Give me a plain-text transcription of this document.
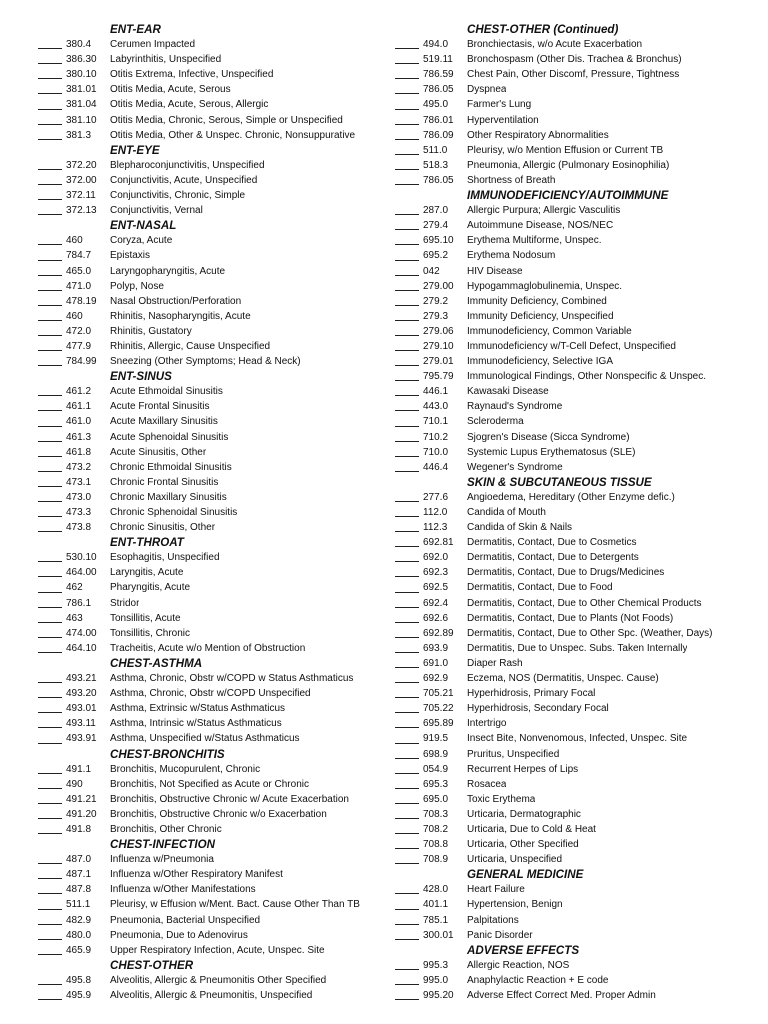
ENT-EAR
380.4	Cerumen Impacted
386.30	Labyrinthitis, Unspecified
380.10	Otitis Extrema, Infective, Unspecified
381.01	Otitis Media, Acute, Serous
381.04	Otitis Media, Acute, Serous, Allergic
381.10	Otitis Media, Chronic, Serous, Simple or Unspecified
381.3	Otitis Media, Other & Unspec. Chronic, Nonsuppurative
ENT-EYE
372.20	Blepharoconjunctivitis, Unspecified
372.00	Conjunctivitis, Acute, Unspecified
372.11	Conjunctivitis, Chronic, Simple
372.13	Conjunctivitis, Vernal
ENT-NASAL
460	Coryza, Acute
784.7	Epistaxis
465.0	Laryngopharyngitis, Acute
471.0	Polyp, Nose
478.19	Nasal Obstruction/Perforation
460	Rhinitis, Nasopharyngitis, Acute
472.0	Rhinitis, Gustatory
477.9	Rhinitis, Allergic, Cause Unspecified
784.99	Sneezing (Other Symptoms; Head & Neck)
ENT-SINUS
461.2	Acute Ethmoidal Sinusitis
461.1	Acute Frontal Sinusitis
461.0	Acute Maxillary Sinusitis
461.3	Acute Sphenoidal Sinusitis
461.8	Acute Sinusitis, Other
473.2	Chronic Ethmoidal Sinusitis
473.1	Chronic Frontal Sinusitis
473.0	Chronic Maxillary Sinusitis
473.3	Chronic Sphenoidal Sinusitis
473.8	Chronic Sinusitis, Other
ENT-THROAT
530.10	Esophagitis, Unspecified
464.00	Laryngitis, Acute
462	Pharyngitis, Acute
786.1	Stridor
463	Tonsillitis, Acute
474.00	Tonsillitis, Chronic
464.10	Tracheitis, Acute w/o Mention of Obstruction
CHEST-ASTHMA
493.21	Asthma, Chronic, Obstr w/COPD w Status Asthmaticus
493.20	Asthma, Chronic, Obstr w/COPD Unspecified
493.01	Asthma, Extrinsic w/Status Asthmaticus
493.11	Asthma, Intrinsic w/Status Asthmaticus
493.91	Asthma, Unspecified w/Status Asthmaticus
CHEST-BRONCHITIS
491.1	Bronchitis, Mucopurulent, Chronic
490	Bronchitis, Not Specified as Acute or Chronic
491.21	Bronchitis, Obstructive Chronic w/ Acute Exacerbation
491.20	Bronchitis, Obstructive Chronic w/o Exacerbation
491.8	Bronchitis, Other Chronic
CHEST-INFECTION
487.0	Influenza w/Pneumonia
487.1	Influenza w/Other Respiratory Manifest
487.8	Influenza w/Other Manifestations
511.1	Pleurisy, w Effusion w/Ment. Bact. Cause Other Than TB
482.9	Pneumonia, Bacterial Unspecified
480.0	Pneumonia, Due to Adenovirus
465.9	Upper Respiratory Infection, Acute, Unspec. Site
CHEST-OTHER
495.8	Alveolitis, Allergic & Pneumonitis Other Specified
495.9	Alveolitis, Allergic & Pneumonitis, Unspecified
CHEST-OTHER (Continued)
494.0	Bronchiectasis, w/o Acute Exacerbation
519.11	Bronchospasm (Other Dis. Trachea & Bronchus)
786.59	Chest Pain, Other Discomf, Pressure, Tightness
786.05	Dyspnea
495.0	Farmer's Lung
786.01	Hyperventilation
786.09	Other Respiratory Abnormalities
511.0	Pleurisy, w/o Mention Effusion or Current TB
518.3	Pneumonia, Allergic (Pulmonary Eosinophilia)
786.05	Shortness of Breath
IMMUNODEFICIENCY/AUTOIMMUNE
287.0	Allergic Purpura; Allergic Vasculitis
279.4	Autoimmune Disease, NOS/NEC
695.10	Erythema Multiforme, Unspec.
695.2	Erythema Nodosum
042	HIV Disease
279.00	Hypogammaglobulinemia, Unspec.
279.2	Immunity Deficiency, Combined
279.3	Immunity Deficiency, Unspecified
279.06	Immunodeficiency, Common Variable
279.10	Immunodeficiency w/T-Cell Defect, Unspecified
279.01	Immunodeficiency, Selective IGA
795.79	Immunological Findings, Other Nonspecific & Unspec.
446.1	Kawasaki Disease
443.0	Raynaud's Syndrome
710.1	Scleroderma
710.2	Sjogren's Disease (Sicca Syndrome)
710.0	Systemic Lupus Erythematosus (SLE)
446.4	Wegener's Syndrome
SKIN & SUBCUTANEOUS TISSUE
277.6	Angioedema, Hereditary (Other Enzyme defic.)
112.0	Candida of Mouth
112.3	Candida of Skin & Nails
692.81	Dermatitis, Contact, Due to Cosmetics
692.0	Dermatitis, Contact, Due to Detergents
692.3	Dermatitis, Contact, Due to Drugs/Medicines
692.5	Dermatitis, Contact, Due to Food
692.4	Dermatitis, Contact, Due to Other Chemical Products
692.6	Dermatitis, Contact, Due to Plants (Not Foods)
692.89	Dermatitis, Contact, Due to Other Spc. (Weather, Days)
693.9	Dermatitis, Due to Unspec. Subs. Taken Internally
691.0	Diaper Rash
692.9	Eczema, NOS (Dermatitis, Unspec. Cause)
705.21	Hyperhidrosis, Primary Focal
705.22	Hyperhidrosis, Secondary Focal
695.89	Intertrigo
919.5	Insect Bite, Nonvenomous, Infected, Unspec. Site
698.9	Pruritus, Unspecified
054.9	Recurrent Herpes of Lips
695.3	Rosacea
695.0	Toxic Erythema
708.3	Urticaria, Dermatographic
708.2	Urticaria, Due to Cold & Heat
708.8	Urticaria, Other Specified
708.9	Urticaria, Unspecified
GENERAL MEDICINE
428.0	Heart Failure
401.1	Hypertension, Benign
785.1	Palpitations
300.01	Panic Disorder
ADVERSE EFFECTS
995.3	Allergic Reaction, NOS
995.0	Anaphylactic Reaction + E code
995.20	Adverse Effect Correct Med. Proper Admin
